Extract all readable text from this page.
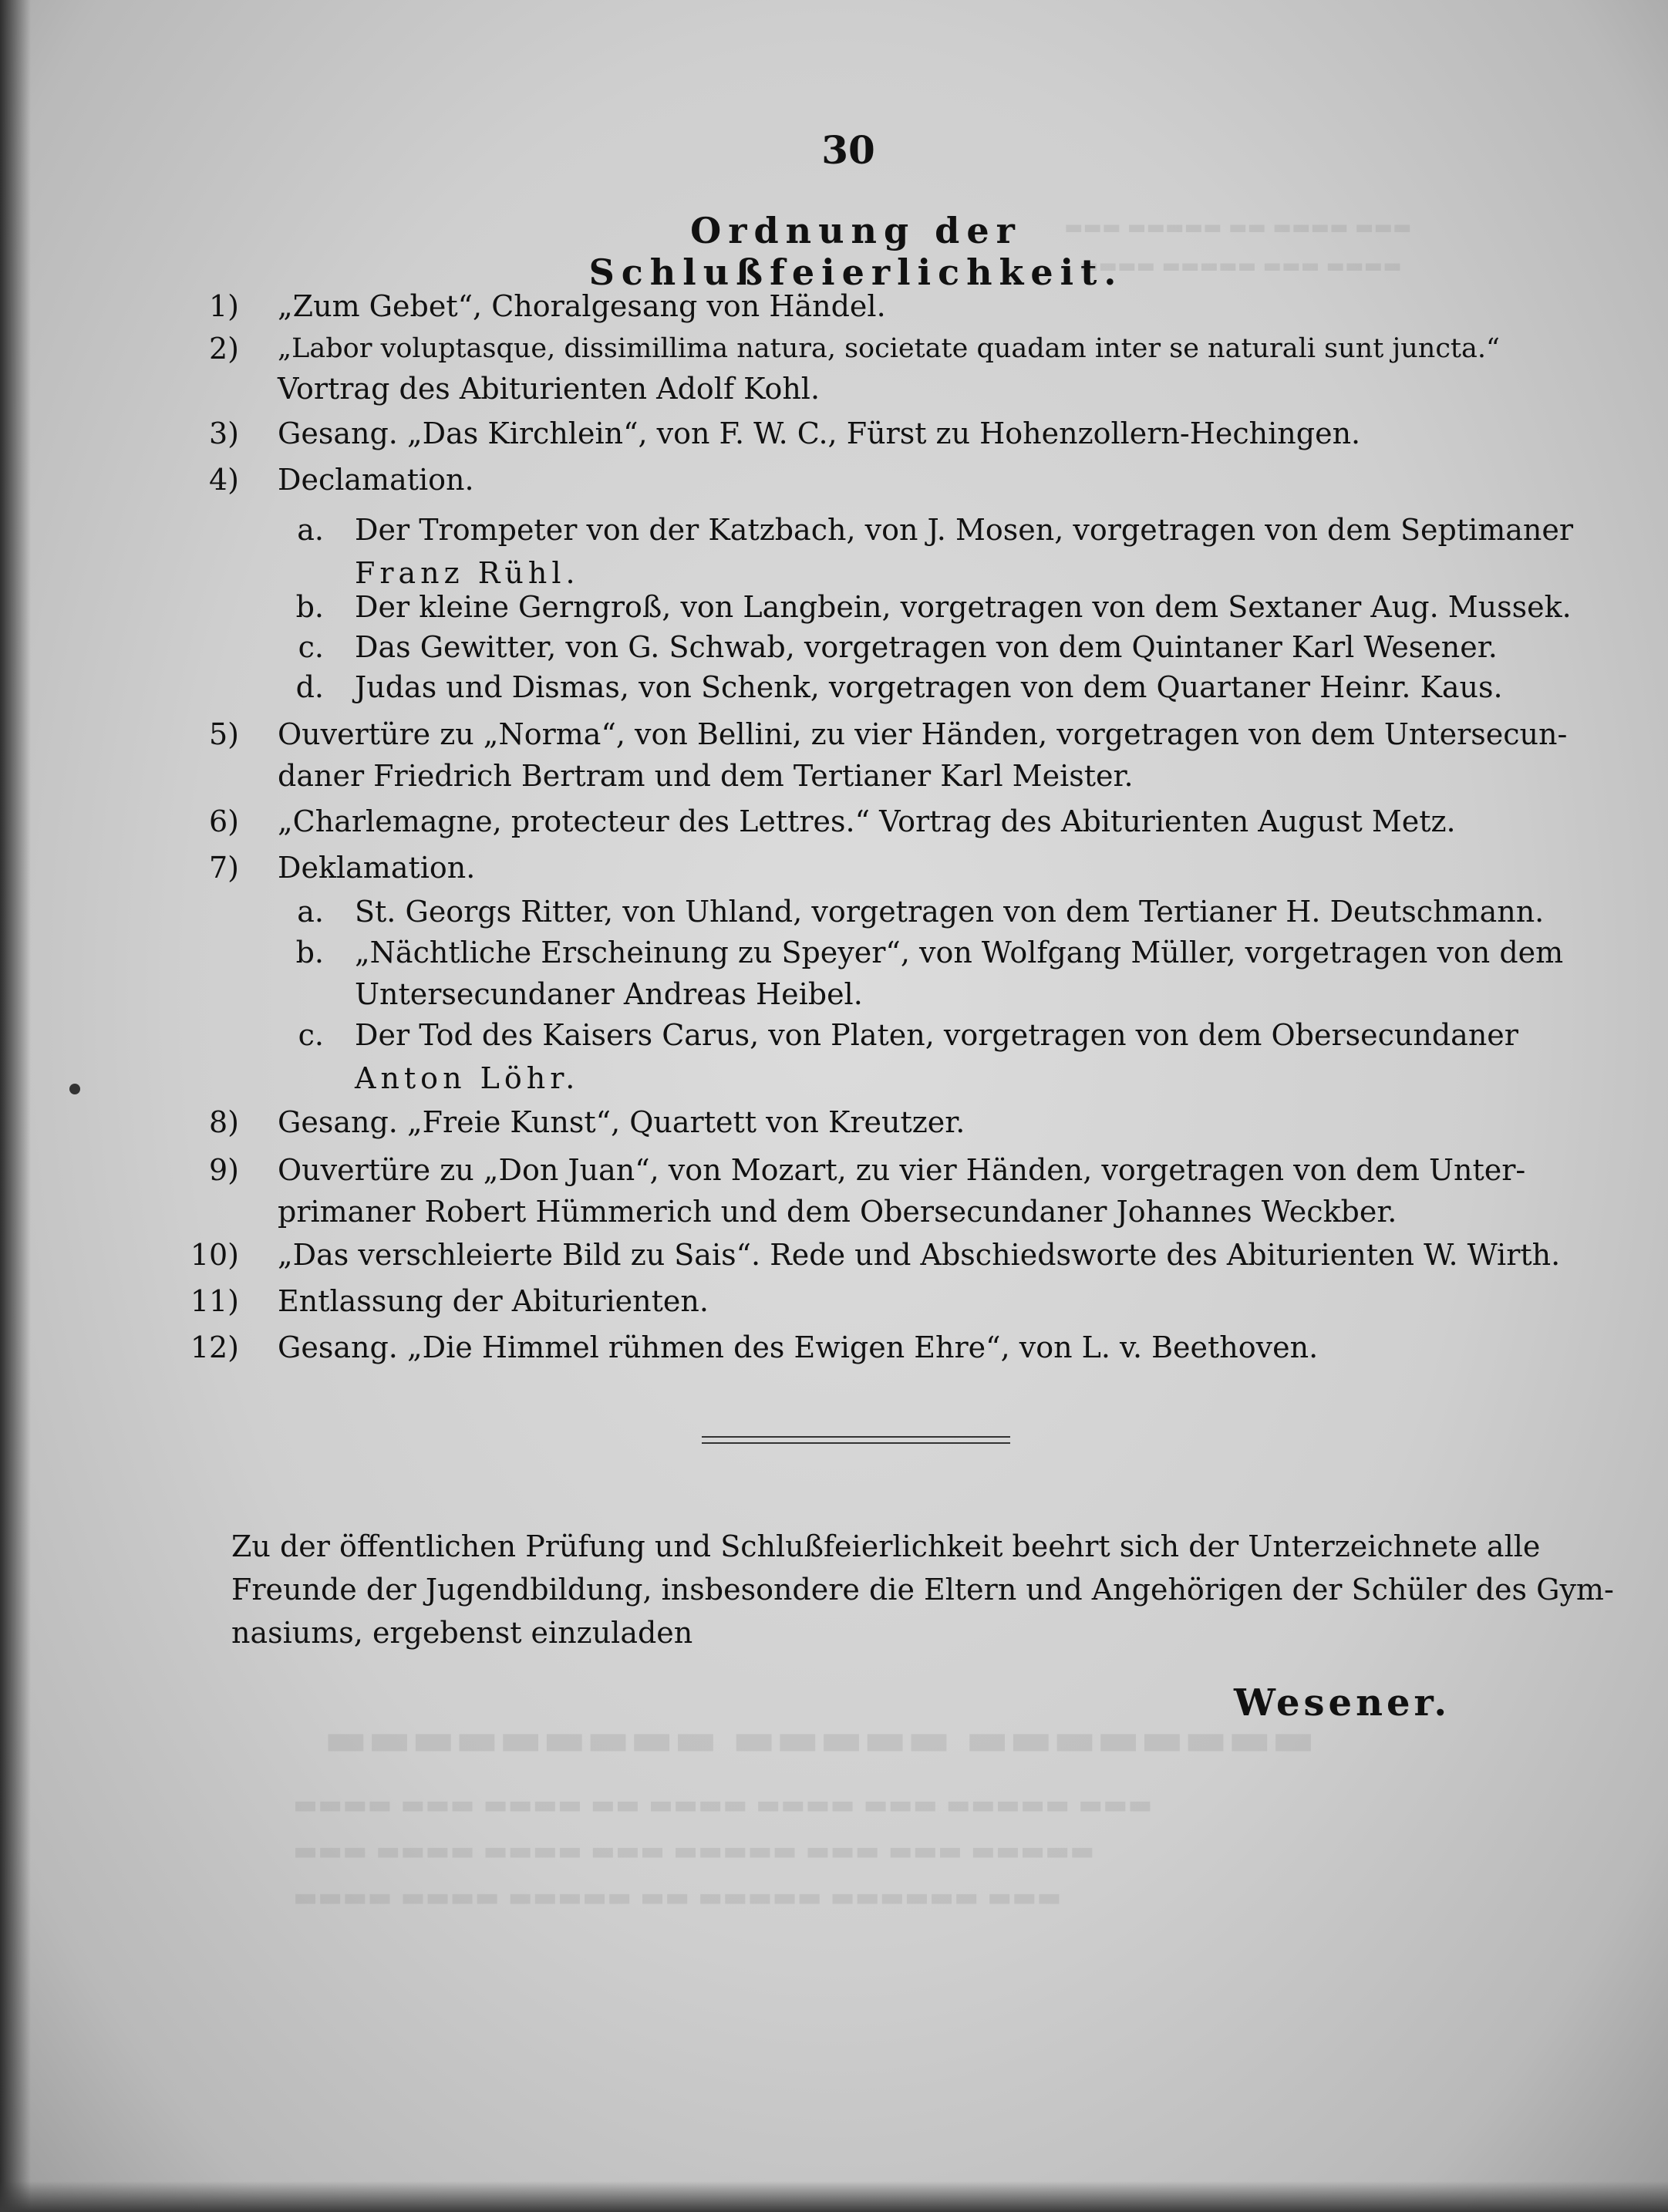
▬▬▬ ▬▬▬▬ ▬▬ ▬▬▬▬▬ ▬▬▬
▬▬▬▬ ▬▬▬ ▬▬▬▬▬ ▬▬▬▬
▬▬▬▬▬▬▬▬ ▬▬▬▬▬ ▬▬▬▬▬▬▬▬▬
▬▬▬ ▬▬▬▬▬ ▬▬▬ ▬▬▬▬ ▬▬▬▬ ▬▬ ▬▬▬▬ ▬▬▬ ▬▬▬▬
▬▬▬▬▬ ▬▬▬ ▬▬▬ ▬▬▬▬▬ ▬▬▬ ▬▬▬▬ ▬▬▬▬ ▬▬▬
▬▬▬ ▬▬▬▬▬▬ ▬▬▬▬▬ ▬▬ ▬▬▬▬▬ ▬▬▬▬ ▬▬▬▬
30
Ordnung der Schlußfeierlichkeit.
1) „Zum Gebet“, Choralgesang von Händel.
2) „Labor voluptasque, dissimillima natura, societate quadam inter se naturali sunt juncta.“
Vortrag des Abiturienten Adolf Kohl.
3) Gesang. „Das Kirchlein“, von F. W. C., Fürst zu Hohenzollern-Hechingen.
4) Declamation.
a. Der Trompeter von der Katzbach, von J. Mosen, vorgetragen von dem Septimaner
Franz Rühl.
b. Der kleine Gerngroß, von Langbein, vorgetragen von dem Sextaner Aug. Mussek.
c. Das Gewitter, von G. Schwab, vorgetragen von dem Quintaner Karl Wesener.
d. Judas und Dismas, von Schenk, vorgetragen von dem Quartaner Heinr. Kaus.
5) Ouvertüre zu „Norma“, von Bellini, zu vier Händen, vorgetragen von dem Untersecun-
daner Friedrich Bertram und dem Tertianer Karl Meister.
6) „Charlemagne, protecteur des Lettres.“ Vortrag des Abiturienten August Metz.
7) Deklamation.
a. St. Georgs Ritter, von Uhland, vorgetragen von dem Tertianer H. Deutschmann.
b. „Nächtliche Erscheinung zu Speyer“, von Wolfgang Müller, vorgetragen von dem
Untersecundaner Andreas Heibel.
c. Der Tod des Kaisers Carus, von Platen, vorgetragen von dem Obersecundaner
Anton Löhr.
8) Gesang. „Freie Kunst“, Quartett von Kreutzer.
9) Ouvertüre zu „Don Juan“, von Mozart, zu vier Händen, vorgetragen von dem Unter-
primaner Robert Hümmerich und dem Obersecundaner Johannes Weckber.
10) „Das verschleierte Bild zu Sais“. Rede und Abschiedsworte des Abiturienten W. Wirth.
11) Entlassung der Abiturienten.
12) Gesang. „Die Himmel rühmen des Ewigen Ehre“, von L. v. Beethoven.
Zu der öffentlichen Prüfung und Schlußfeierlichkeit beehrt sich der Unterzeichnete alle
Freunde der Jugendbildung, insbesondere die Eltern und Angehörigen der Schüler des Gym-
nasiums, ergebenst einzuladen
Wesener.
